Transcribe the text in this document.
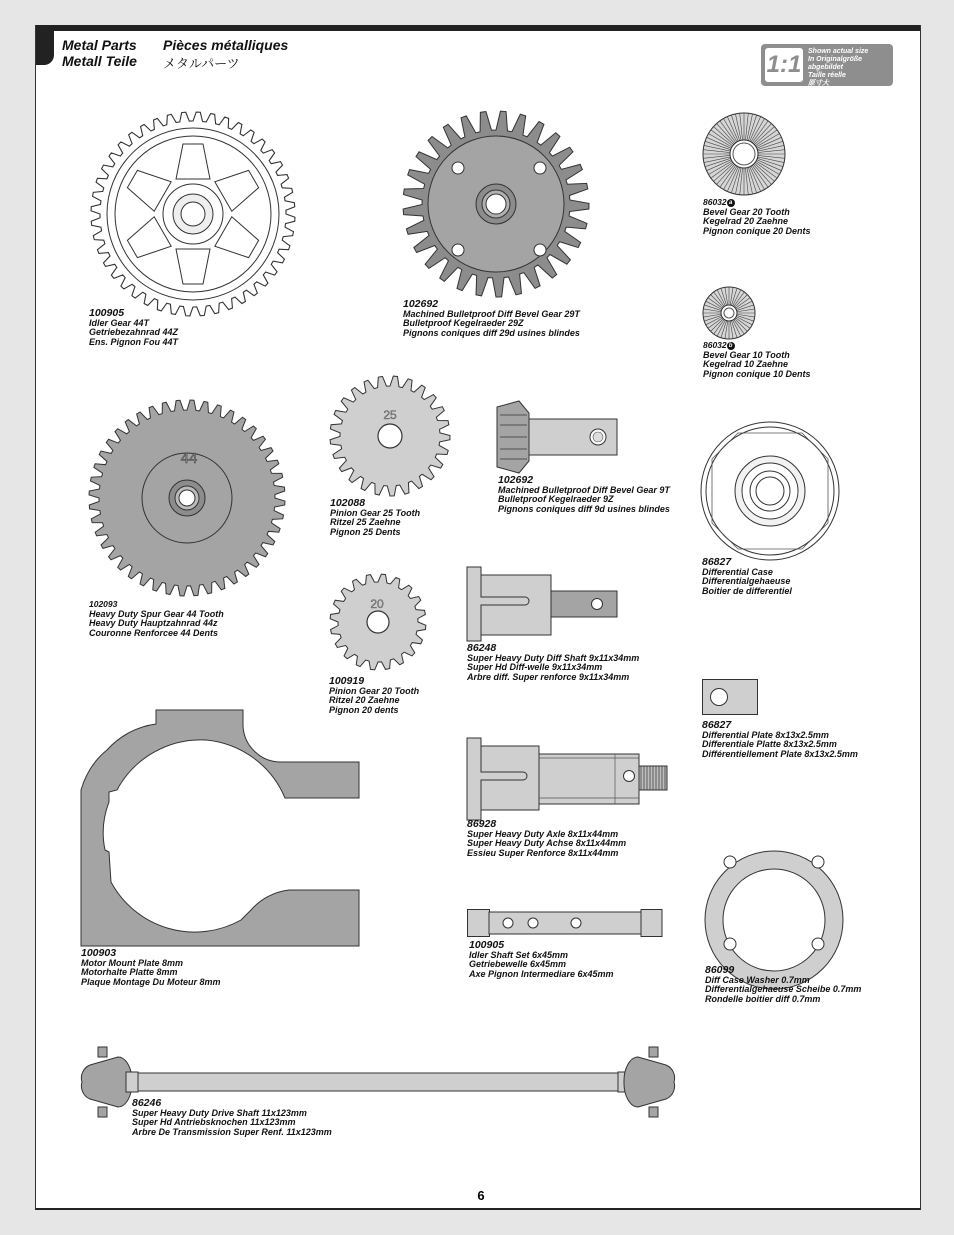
Metal Parts Pièces métalliques
Metall Teile メタルパーツ	1:1 Shown actual size
In Originalgröße abgebildet
Taille réelle
原寸大
44
25
20
100905
Idler Gear 44T
Getriebezahnrad 44Z
Ens. Pignon Fou 44T
102692
Machined Bulletproof Diff Bevel Gear 29T
Bulletproof Kegelraeder 29Z
Pignons coniques diff 29d usines blindes
86032 a
Bevel Gear 20 Tooth
Kegelrad 20 Zaehne
Pignon conique 20 Dents
86032 b
Bevel Gear 10 Tooth
Kegelrad 10 Zaehne
Pignon conique 10 Dents
102093
Heavy Duty Spur Gear 44 Tooth
Heavy Duty Hauptzahnrad 44z
Couronne Renforcee 44 Dents
102088
Pinion Gear 25 Tooth
Ritzel 25 Zaehne
Pignon 25 Dents
102692
Machined Bulletproof Diff Bevel Gear 9T
Bulletproof Kegelraeder 9Z
Pignons coniques diff 9d usines blindes
86827
Differential Case
Differentialgehaeuse
Boitier de differentiel
100919
Pinion Gear 20 Tooth
Ritzel 20 Zaehne
Pignon 20 dents
86248
Super Heavy Duty Diff Shaft 9x11x34mm
Super Hd Diff-welle 9x11x34mm
Arbre diff. Super renforce 9x11x34mm
86827
Differential Plate 8x13x2.5mm
Differentiale Platte 8x13x2.5mm
Différentiellement Plate 8x13x2.5mm
100903
Motor Mount Plate 8mm
Motorhalte Platte 8mm
Plaque Montage Du Moteur 8mm
86928
Super Heavy Duty Axle 8x11x44mm
Super Heavy Duty Achse 8x11x44mm
Essieu Super Renforce 8x11x44mm
100905
Idler Shaft Set 6x45mm
Getriebewelle 6x45mm
Axe Pignon Intermediare 6x45mm	86099
Diff Case Washer 0.7mm
Differentialgehaeuse Scheibe 0.7mm
Rondelle boitier diff 0.7mm
86246
Super Heavy Duty Drive Shaft 11x123mm
Super Hd Antriebsknochen 11x123mm
Arbre De Transmission Super Renf. 11x123mm
6
